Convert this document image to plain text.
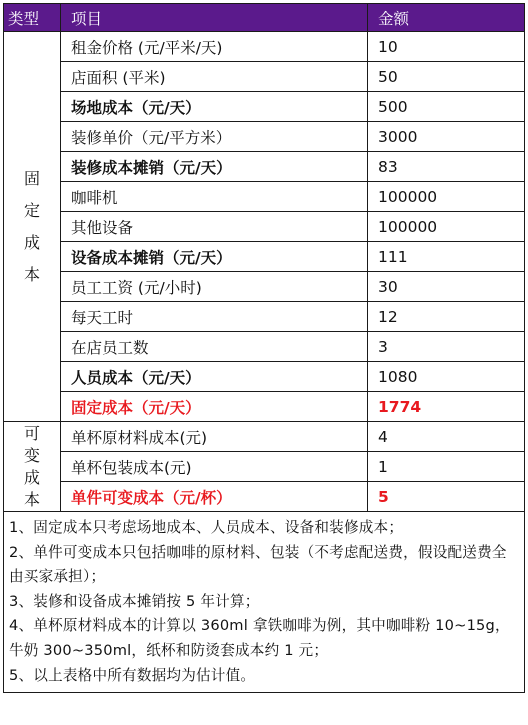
类型	项目	金额

固
定
成
本	租金价格 (元/平米/天)	10
	店面积 (平米)	50
	场地成本（元/天）	500
	装修单价（元/平方米）	3000
	装修成本摊销（元/天）	83
	咖啡机	100000
	其他设备	100000
	设备成本摊销（元/天）	111
	员工工资 (元/小时)	30
	每天工时	12
	在店员工数	3
	人员成本（元/天）	1080
	固定成本（元/天）	1774

可
变
成
本	单杯原材料成本(元)	4
	单杯包装成本(元)	1
	单件可变成本（元/杯）	5

1、固定成本只考虑场地成本、人员成本、设备和装修成本；
2、单件可变成本只包括咖啡的原材料、包装（不考虑配送费，假设配送费全由买家承担）；
3、装修和设备成本摊销按 5 年计算；
4、单杯原材料成本的计算以 360ml 拿铁咖啡为例，其中咖啡粉 10~15g，牛奶 300~350ml，纸杯和防烫套成本约 1 元；
5、以上表格中所有数据均为估计值。		
